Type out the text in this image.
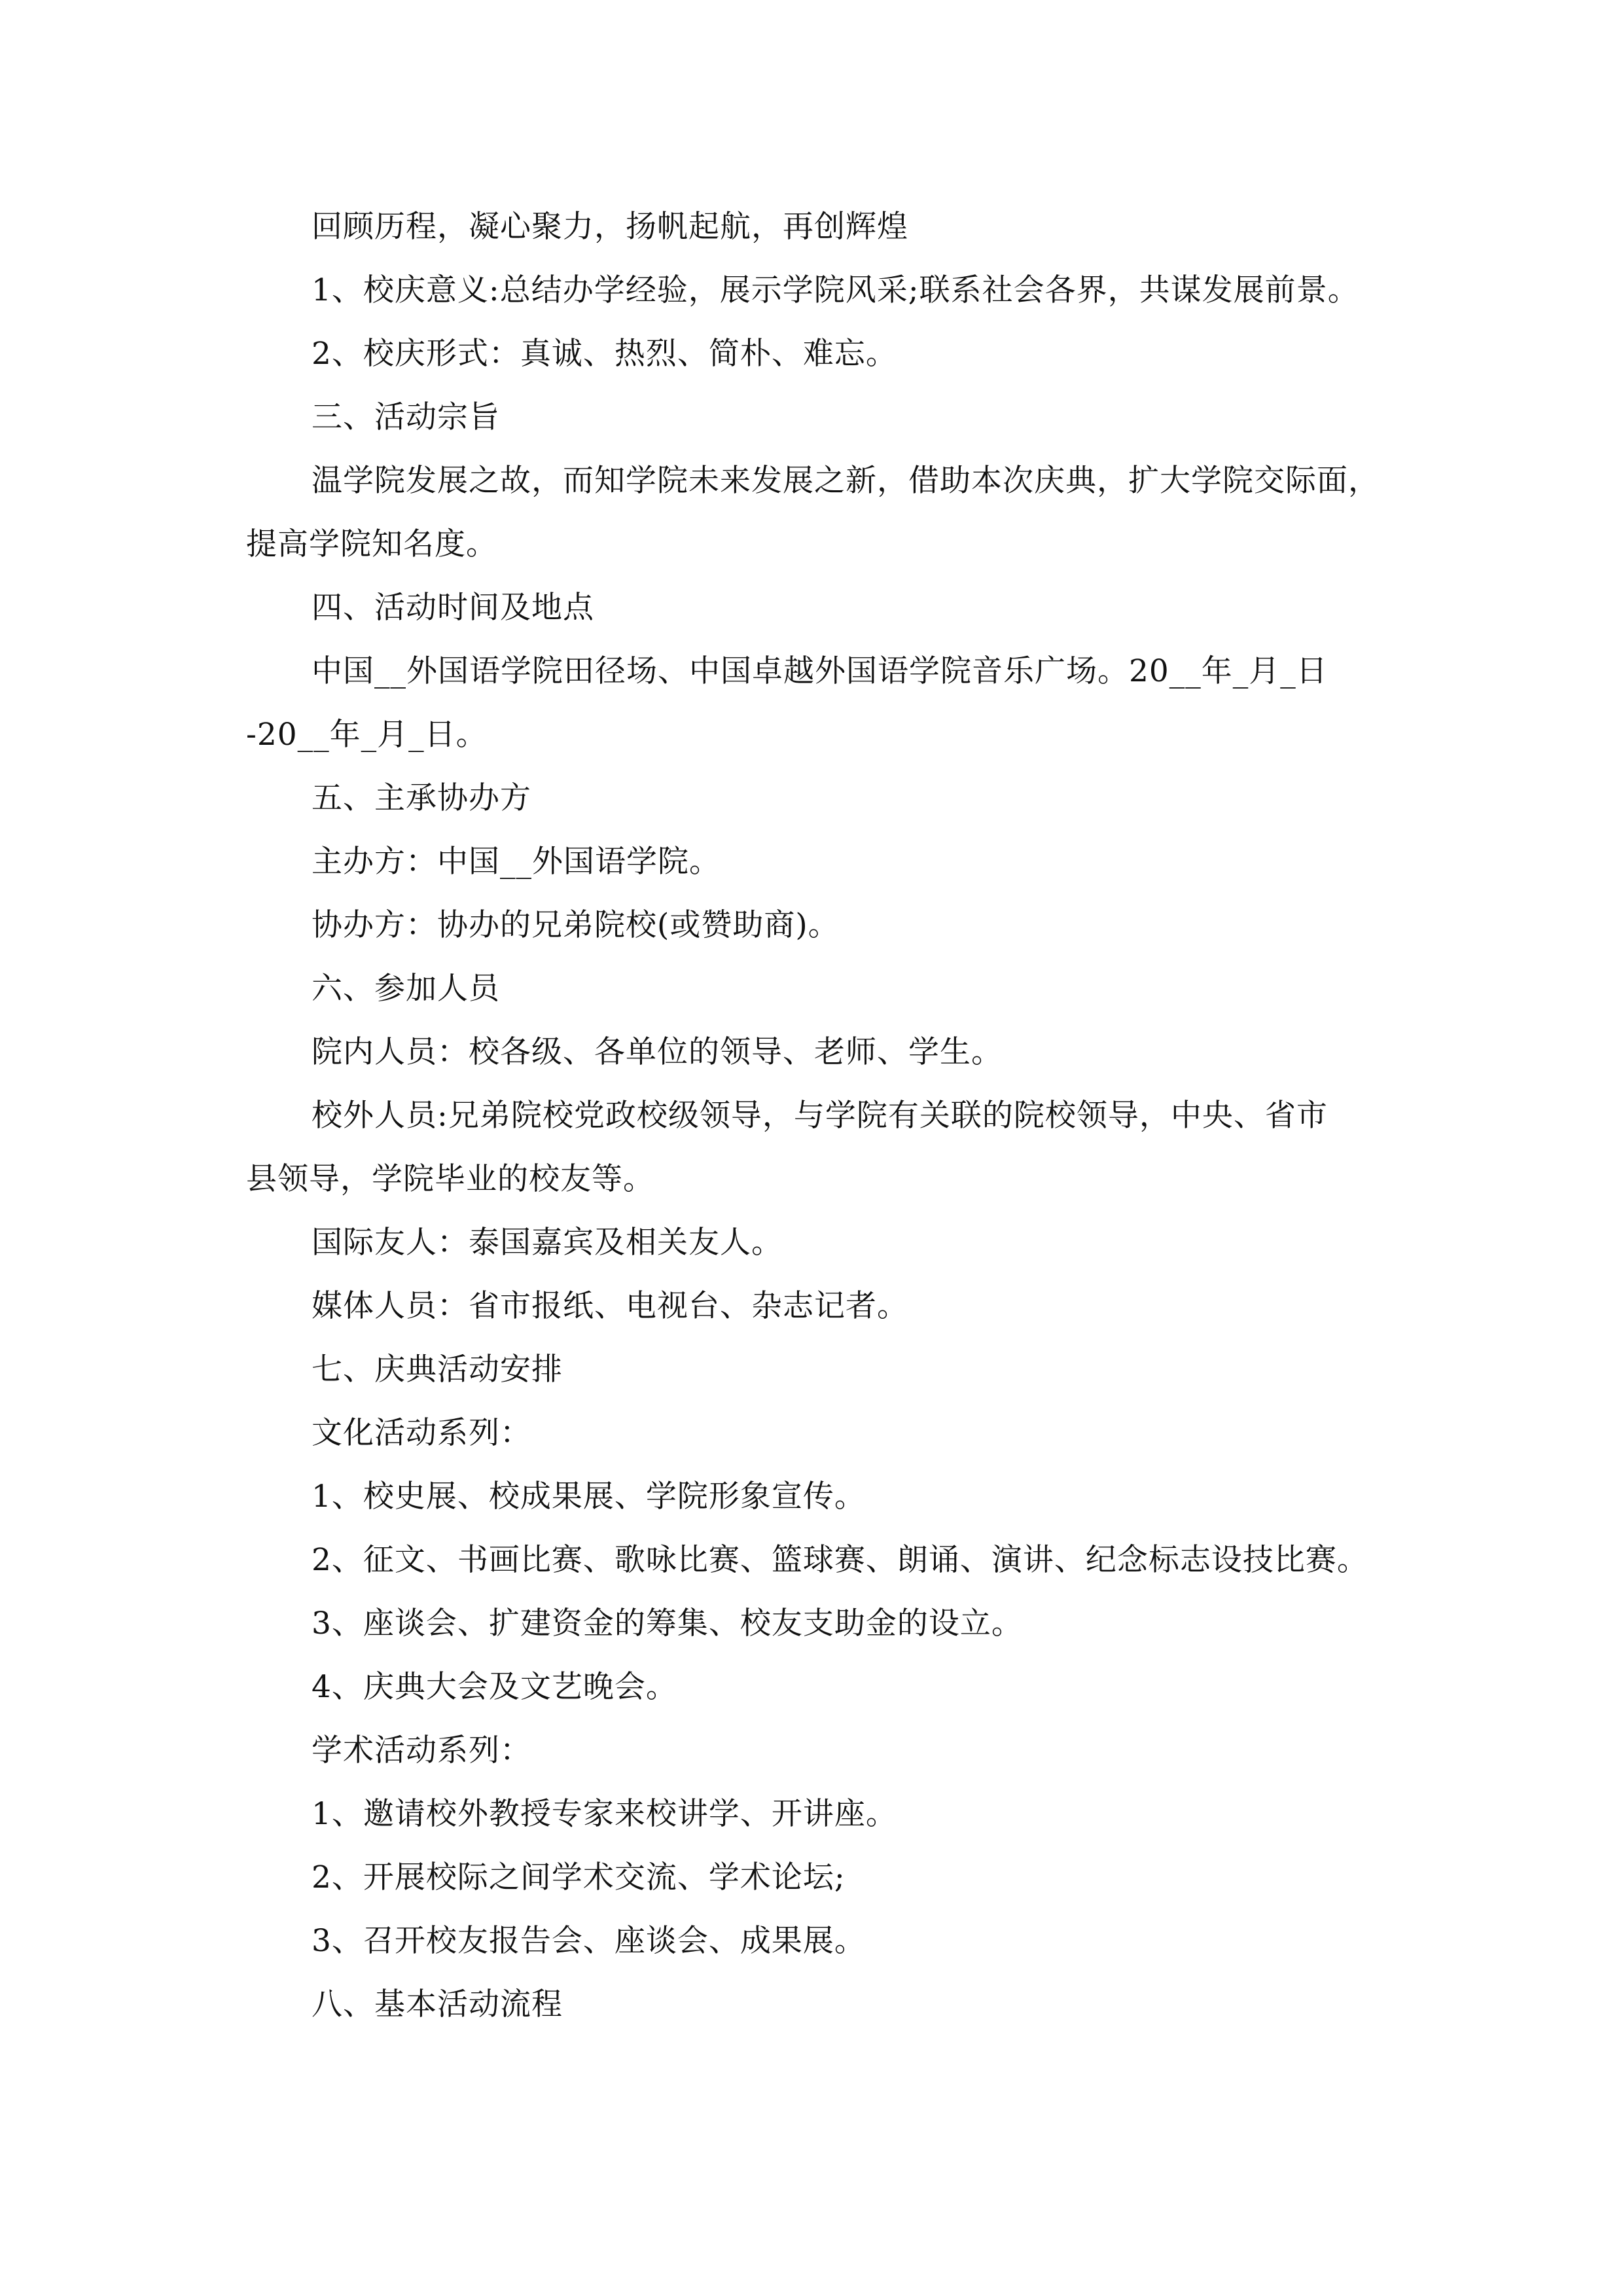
回顾历程，凝心聚力，扬帆起航，再创辉煌
1、校庆意义:总结办学经验，展示学院风采;联系社会各界，共谋发展前景。
2、校庆形式：真诚、热烈、简朴、难忘。
三、活动宗旨
温学院发展之故，而知学院未来发展之新，借助本次庆典，扩大学院交际面，
提高学院知名度。
四、活动时间及地点
中国__外国语学院田径场、中国卓越外国语学院音乐广场。20__年_月_日
-20__年_月_日。
五、主承协办方
主办方：中国__外国语学院。
协办方：协办的兄弟院校(或赞助商)。
六、参加人员
院内人员：校各级、各单位的领导、老师、学生。
校外人员:兄弟院校党政校级领导，与学院有关联的院校领导，中央、省市
县领导，学院毕业的校友等。
国际友人：泰国嘉宾及相关友人。
媒体人员：省市报纸、电视台、杂志记者。
七、庆典活动安排
文化活动系列：
1、校史展、校成果展、学院形象宣传。
2、征文、书画比赛、歌咏比赛、篮球赛、朗诵、演讲、纪念标志设技比赛。
3、座谈会、扩建资金的筹集、校友支助金的设立。
4、庆典大会及文艺晚会。
学术活动系列：
1、邀请校外教授专家来校讲学、开讲座。
2、开展校际之间学术交流、学术论坛;
3、召开校友报告会、座谈会、成果展。
八、基本活动流程
